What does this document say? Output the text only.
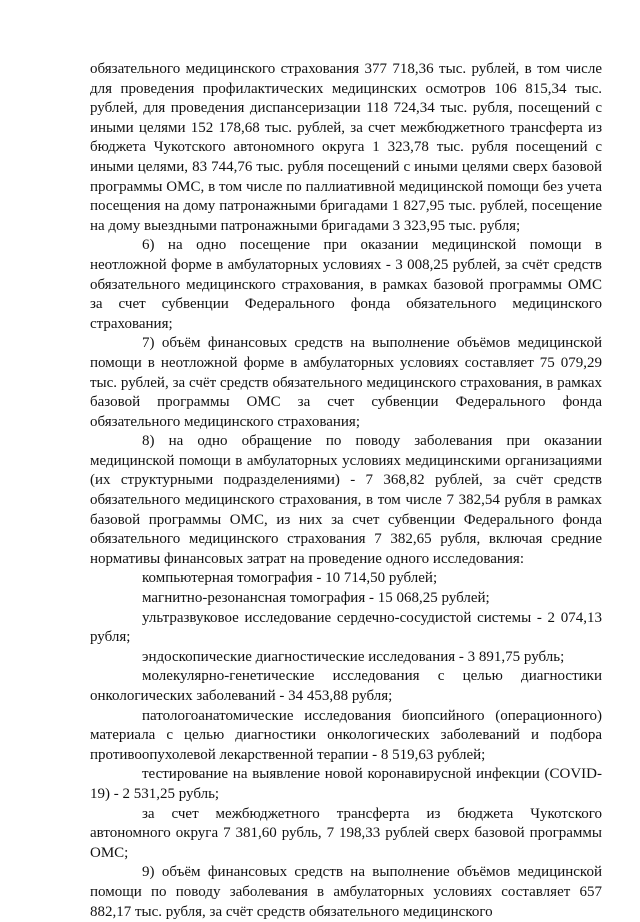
обязательного медицинского страхования 377 718,36 тыс. рублей, в том числе для проведения профилактических медицинских осмотров 106 815,34 тыс. рублей, для проведения диспансеризации 118 724,34 тыс. рубля, посещений с иными целями 152 178,68 тыс. рублей, за счет межбюджетного трансферта из бюджета Чукотского автономного округа 1 323,78 тыс. рубля посещений с иными целями, 83 744,76 тыс. рубля посещений с иными целями сверх базовой программы ОМС, в том числе по паллиативной медицинской помощи без учета посещения на дому патронажными бригадами 1 827,95 тыс. рублей, посещение на дому выездными патронажными бригадами 3 323,95 тыс. рубля;

6) на одно посещение при оказании медицинской помощи в неотложной форме в амбулаторных условиях - 3 008,25 рублей, за счёт средств обязательного медицинского страхования, в рамках базовой программы ОМС за счет субвенции Федерального фонда обязательного медицинского страхования;

7) объём финансовых средств на выполнение объёмов медицинской помощи в неотложной форме в амбулаторных условиях составляет 75 079,29 тыс. рублей, за счёт средств обязательного медицинского страхования, в рамках базовой программы ОМС за счет субвенции Федерального фонда обязательного медицинского страхования;

8) на одно обращение по поводу заболевания при оказании медицинской помощи в амбулаторных условиях медицинскими организациями (их структурными подразделениями) - 7 368,82 рублей, за счёт средств обязательного медицинского страхования, в том числе 7 382,54 рубля в рамках базовой программы ОМС, из них за счет субвенции Федерального фонда обязательного медицинского страхования 7 382,65 рубля, включая средние нормативы финансовых затрат на проведение одного исследования:

компьютерная томография - 10 714,50 рублей;

магнитно-резонансная томография - 15 068,25 рублей;

ультразвуковое исследование сердечно-сосудистой системы - 2 074,13 рубля;

эндоскопические диагностические исследования - 3 891,75 рубль;

молекулярно-генетические исследования с целью диагностики онкологических заболеваний - 34 453,88 рубля;

патологоанатомические исследования биопсийного (операционного) материала с целью диагностики онкологических заболеваний и подбора противоопухолевой лекарственной терапии - 8 519,63 рублей;

тестирование на выявление новой коронавирусной инфекции (COVID-19) - 2 531,25 рубль;

за счет межбюджетного трансферта из бюджета Чукотского автономного округа 7 381,60 рубль, 7 198,33 рублей сверх базовой программы ОМС;

9) объём финансовых средств на выполнение объёмов медицинской помощи по поводу заболевания в амбулаторных условиях составляет 657 882,17 тыс. рубля, за счёт средств обязательного медицинского
